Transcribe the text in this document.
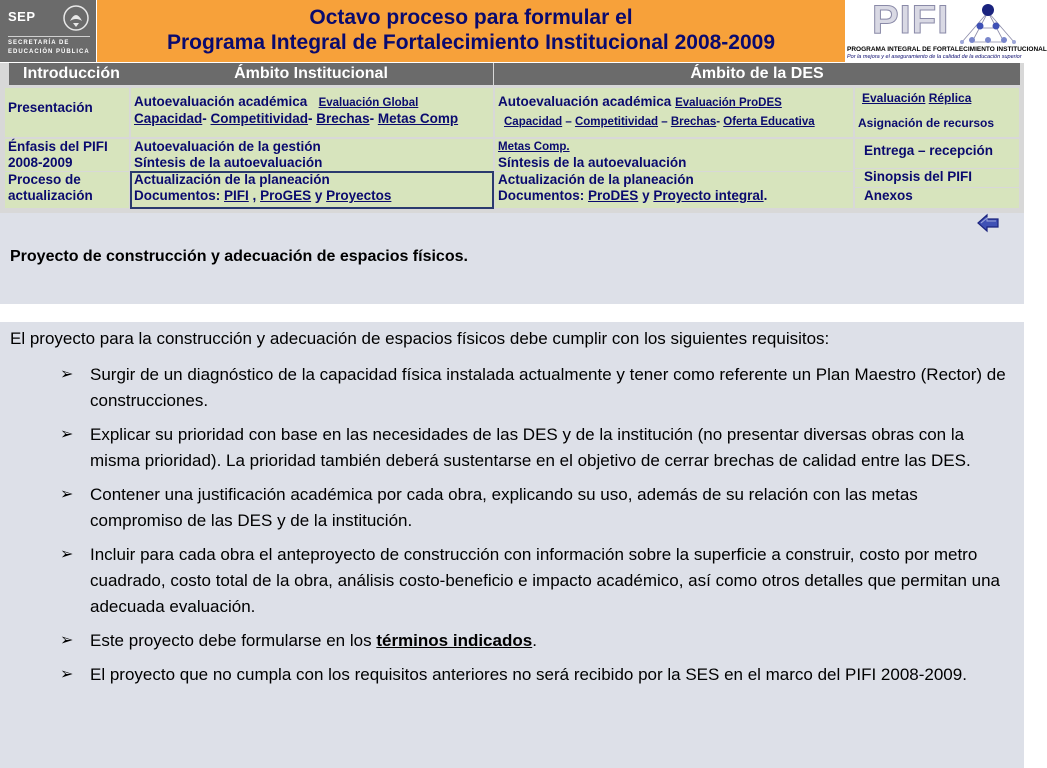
SEP
SECRETARÍA DE
EDUCACIÓN PÚBLICA
Octavo proceso para formular el
Programa Integral de Fortalecimiento Institucional 2008-2009
PIFI
PROGRAMA INTEGRAL DE FORTALECIMIENTO INSTITUCIONAL
Por la mejora y el aseguramiento de la calidad de la educación superior
Introducción	Ámbito Institucional	Ámbito de la DES
Presentación
Énfasis del PIFI
2008-2009
Proceso de
actualización
Autoevaluación académica Evaluación Global
Capacidad- Competitividad- Brechas- Metas Comp
Autoevaluación de la gestión
Síntesis de la autoevaluación
Actualización de la planeación
Documentos: PIFI , ProGES y Proyectos
Autoevaluación académica Evaluación ProDES
Capacidad – Competitividad – Brechas- Oferta Educativa
Metas Comp.
Síntesis de la autoevaluación
Actualización de la planeación
Documentos: ProDES y Proyecto integral.
Evaluación Réplica
Asignación de recursos
Entrega – recepción
Sinopsis del PIFI
Anexos
Proyecto de construcción y adecuación de espacios físicos.
El proyecto para la construcción y adecuación de espacios físicos debe cumplir con los siguientes requisitos:
➢ Surgir de un diagnóstico de la capacidad física instalada actualmente y tener como referente un Plan Maestro (Rector) de construcciones.
➢ Explicar su prioridad con base en las necesidades de las DES y de la institución (no presentar diversas obras con la misma prioridad). La prioridad también deberá sustentarse en el objetivo de cerrar brechas de calidad entre las DES.
➢ Contener una justificación académica por cada obra, explicando su uso, además de su relación con las metas compromiso de las DES y de la institución.
➢ Incluir para cada obra el anteproyecto de construcción con información sobre la superficie a construir, costo por metro cuadrado, costo total de la obra, análisis costo-beneficio e impacto académico, así como otros detalles que permitan una adecuada evaluación.
➢ Este proyecto debe formularse en los términos indicados.
➢ El proyecto que no cumpla con los requisitos anteriores no será recibido por la SES en el marco del PIFI 2008-2009.
